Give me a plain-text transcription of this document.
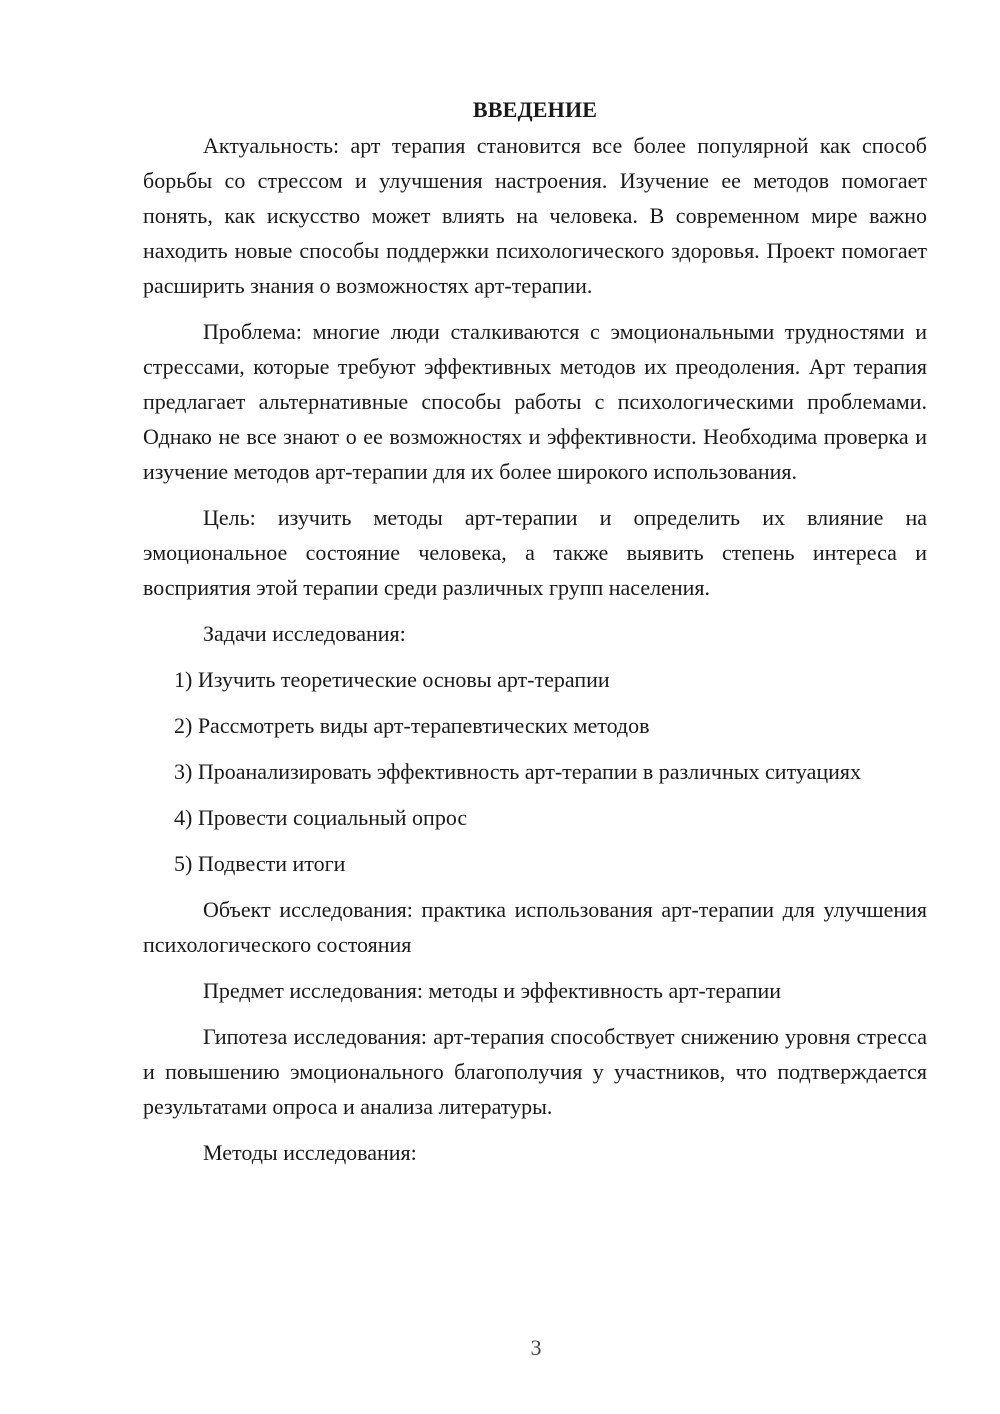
ВВЕДЕНИЕ

Актуальность: арт терапия становится все более популярной как способ борьбы со стрессом и улучшения настроения. Изучение ее методов помогает понять, как искусство может влиять на человека. В современном мире важно находить новые способы поддержки психологического здоровья. Проект помогает расширить знания о возможностях арт-терапии.

Проблема: многие люди сталкиваются с эмоциональными трудностями и стрессами, которые требуют эффективных методов их преодоления. Арт терапия предлагает альтернативные способы работы с психологическими проблемами. Однако не все знают о ее возможностях и эффективности. Необходима проверка и изучение методов арт-терапии для их более широкого использования.

Цель: изучить методы арт-терапии и определить их влияние на эмоциональное состояние человека, а также выявить степень интереса и восприятия этой терапии среди различных групп населения.

Задачи исследования:

1) Изучить теоретические основы арт-терапии

2) Рассмотреть виды арт-терапевтических методов

3) Проанализировать эффективность арт-терапии в различных ситуациях

4) Провести социальный опрос

5) Подвести итоги

Объект исследования: практика использования арт-терапии для улучшения психологического состояния

Предмет исследования: методы и эффективность арт-терапии

Гипотеза исследования: арт-терапия способствует снижению уровня стресса и повышению эмоционального благополучия у участников, что подтверждается результатами опроса и анализа литературы.

Методы исследования:

3
